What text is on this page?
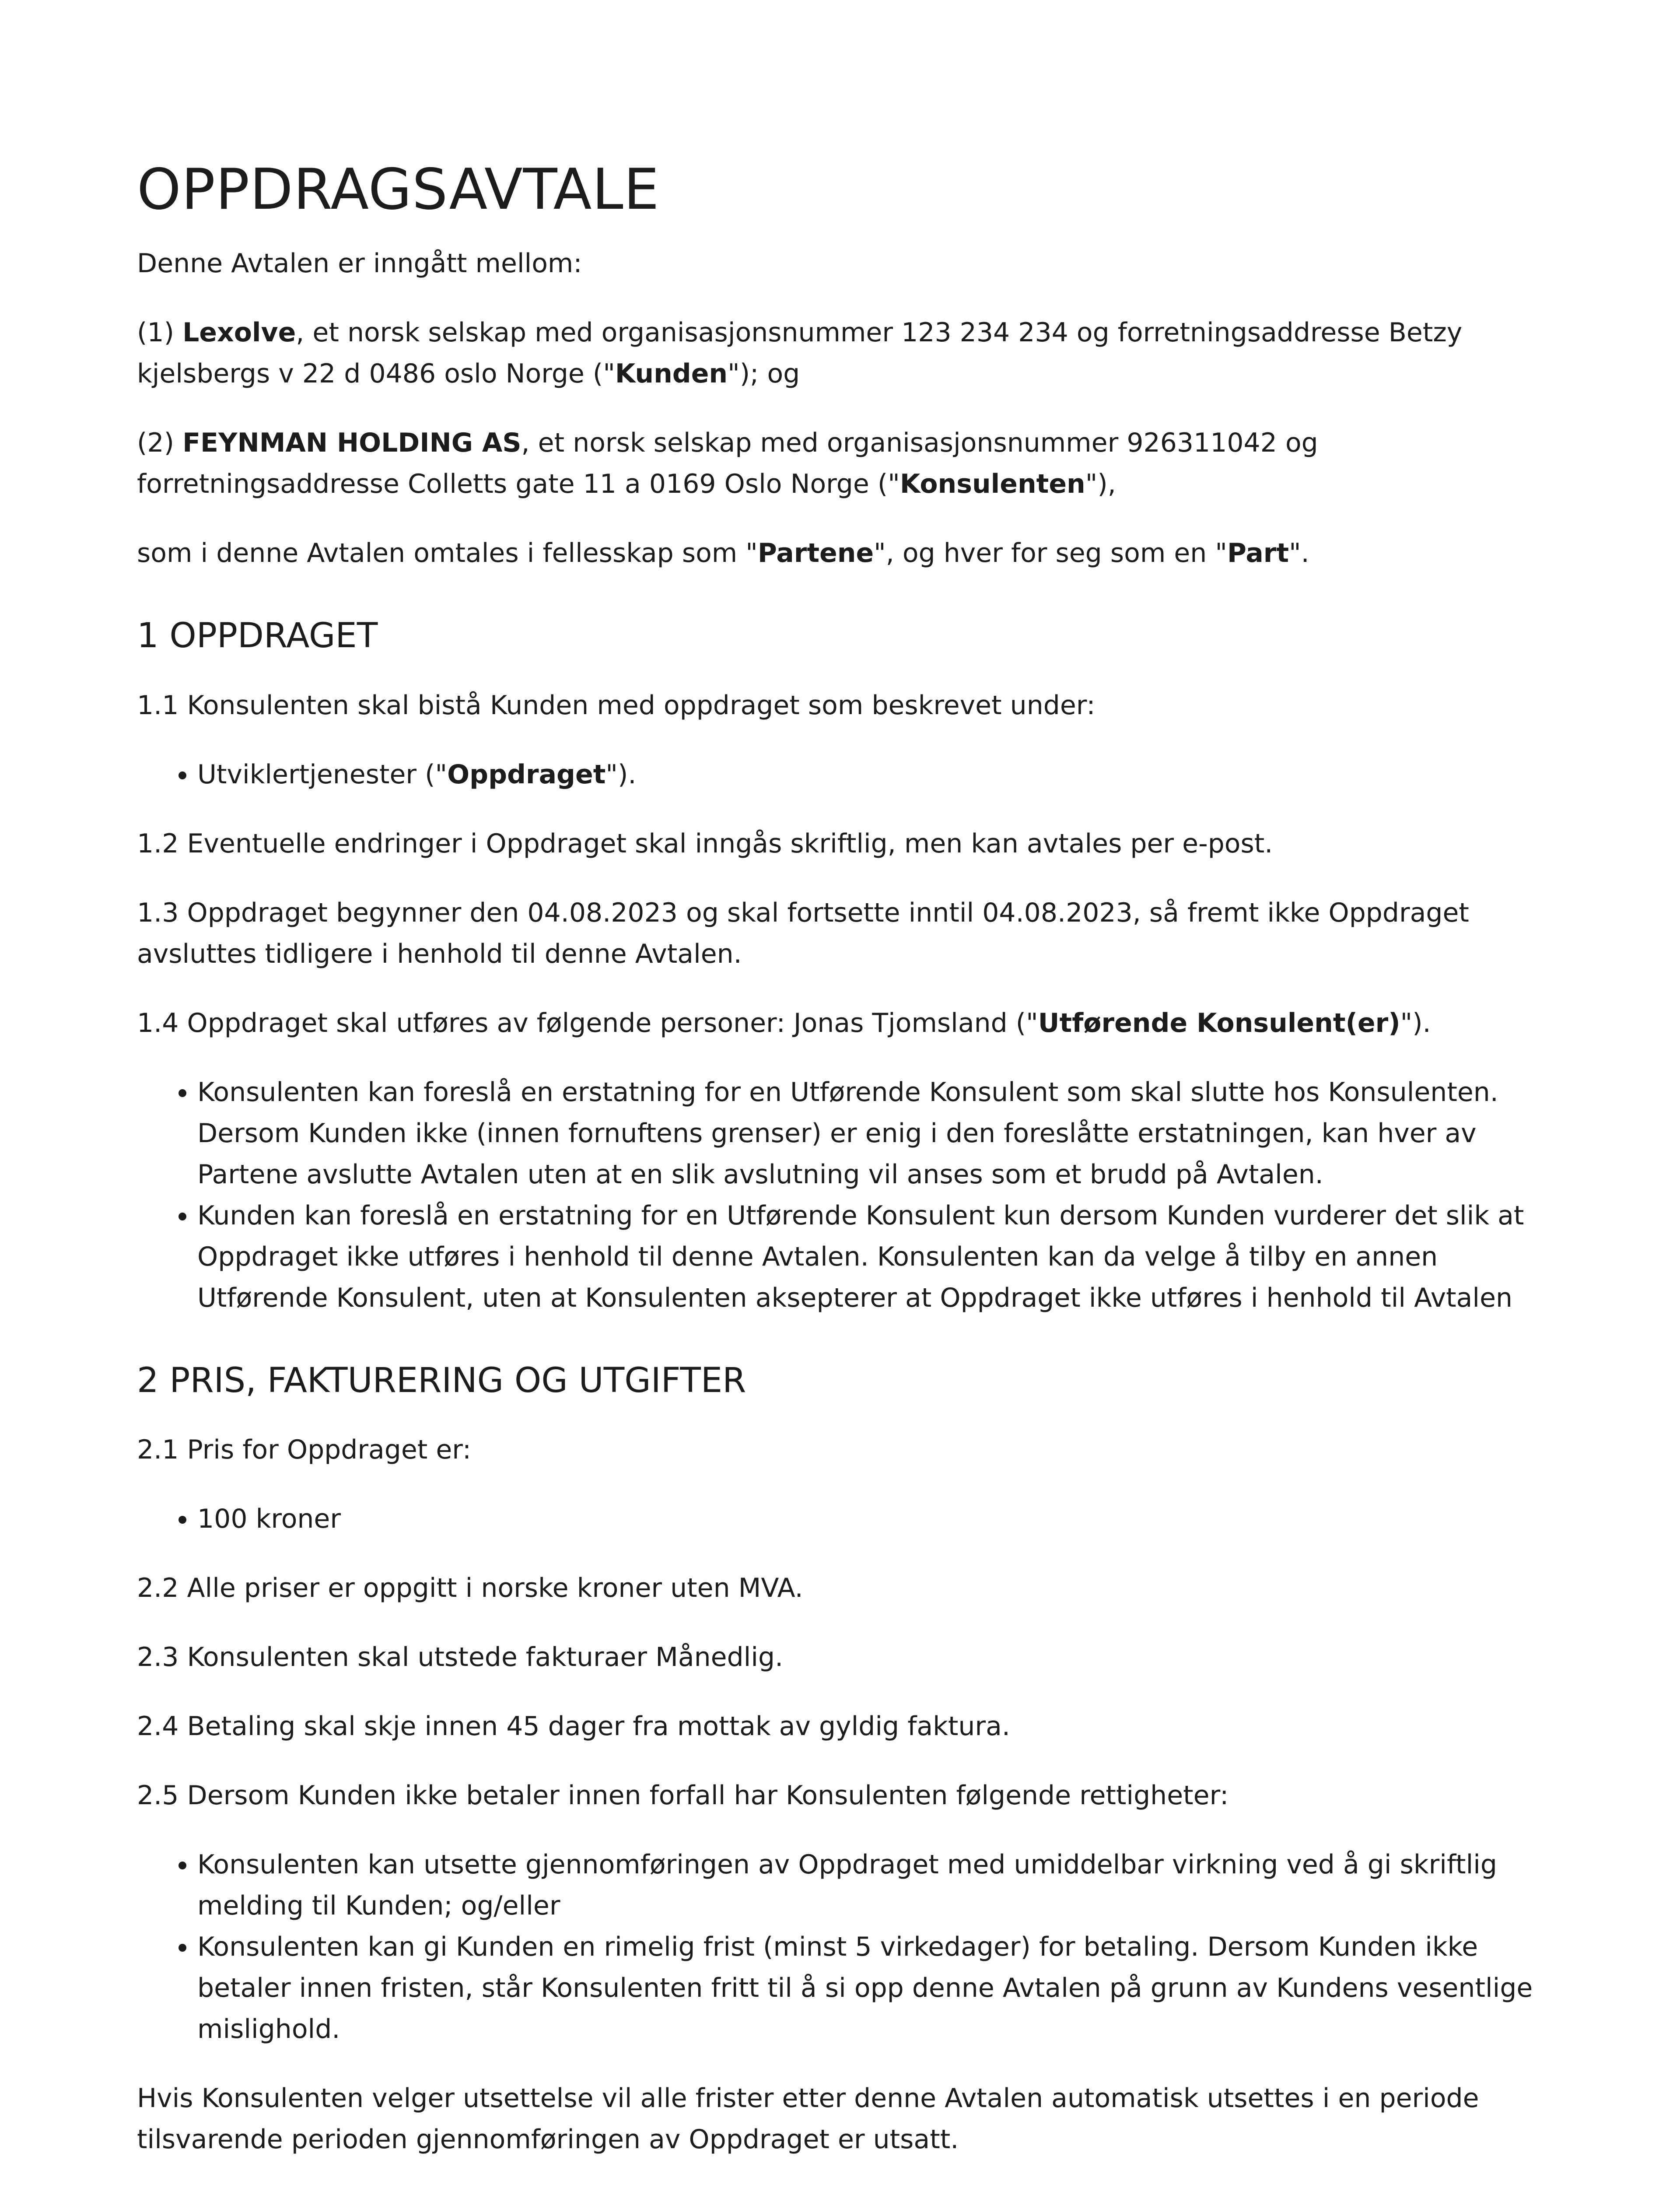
OPPDRAGSAVTALE

Denne Avtalen er inngått mellom:

(1) Lexolve, et norsk selskap med organisasjonsnummer 123 234 234 og forretningsaddresse Betzy kjelsbergs v 22 d 0486 oslo Norge ("Kunden"); og

(2) FEYNMAN HOLDING AS, et norsk selskap med organisasjonsnummer 926311042 og forretningsaddresse Colletts gate 11 a 0169 Oslo Norge ("Konsulenten"),

som i denne Avtalen omtales i fellesskap som "Partene", og hver for seg som en "Part".

1 OPPDRAGET

1.1 Konsulenten skal bistå Kunden med oppdraget som beskrevet under:

• Utviklertjenester ("Oppdraget").

1.2 Eventuelle endringer i Oppdraget skal inngås skriftlig, men kan avtales per e-post.

1.3 Oppdraget begynner den 04.08.2023 og skal fortsette inntil 04.08.2023, så fremt ikke Oppdraget avsluttes tidligere i henhold til denne Avtalen.

1.4 Oppdraget skal utføres av følgende personer: Jonas Tjomsland ("Utførende Konsulent(er)").

• Konsulenten kan foreslå en erstatning for en Utførende Konsulent som skal slutte hos Konsulenten. Dersom Kunden ikke (innen fornuftens grenser) er enig i den foreslåtte erstatningen, kan hver av Partene avslutte Avtalen uten at en slik avslutning vil anses som et brudd på Avtalen.
• Kunden kan foreslå en erstatning for en Utførende Konsulent kun dersom Kunden vurderer det slik at Oppdraget ikke utføres i henhold til denne Avtalen. Konsulenten kan da velge å tilby en annen Utførende Konsulent, uten at Konsulenten aksepterer at Oppdraget ikke utføres i henhold til Avtalen
2 PRIS, FAKTURERING OG UTGIFTER

2.1 Pris for Oppdraget er:

• 100 kroner

2.2 Alle priser er oppgitt i norske kroner uten MVA.

2.3 Konsulenten skal utstede fakturaer Månedlig.

2.4 Betaling skal skje innen 45 dager fra mottak av gyldig faktura.

2.5 Dersom Kunden ikke betaler innen forfall har Konsulenten følgende rettigheter:

• Konsulenten kan utsette gjennomføringen av Oppdraget med umiddelbar virkning ved å gi skriftlig melding til Kunden; og/eller
• Konsulenten kan gi Kunden en rimelig frist (minst 5 virkedager) for betaling. Dersom Kunden ikke betaler innen fristen, står Konsulenten fritt til å si opp denne Avtalen på grunn av Kundens vesentlige mislighold.

Hvis Konsulenten velger utsettelse vil alle frister etter denne Avtalen automatisk utsettes i en periode tilsvarende perioden gjennomføringen av Oppdraget er utsatt.
